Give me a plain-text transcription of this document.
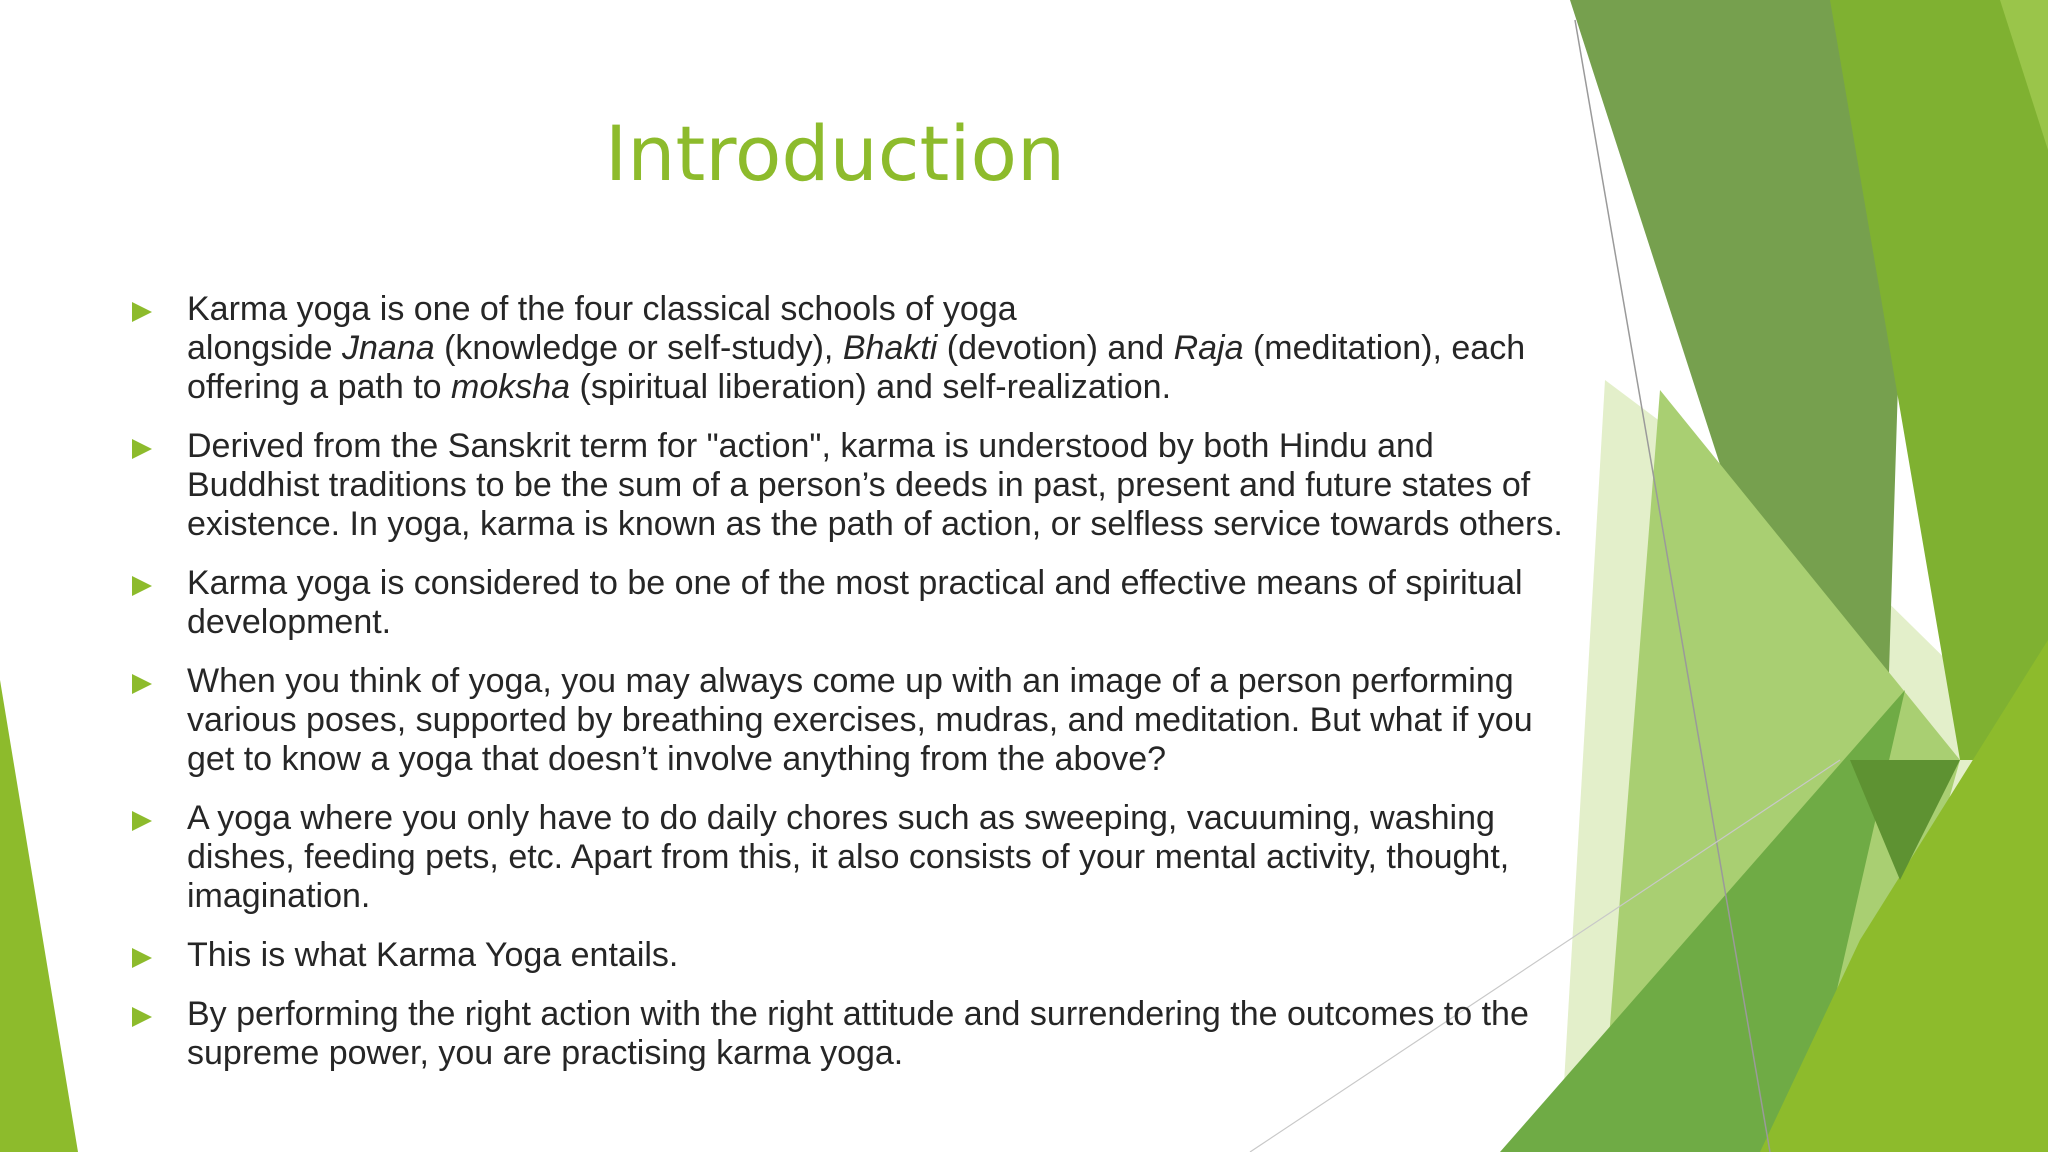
Introduction
Karma yoga is one of the four classical schools of yoga
alongside Jnana (knowledge or self-study), Bhakti (devotion) and Raja (meditation), each offering a path to moksha (spiritual liberation) and self-realization.
Derived from the Sanskrit term for "action", karma is understood by both Hindu and Buddhist traditions to be the sum of a person’s deeds in past, present and future states of existence. In yoga, karma is known as the path of action, or selfless service towards others.
Karma yoga is considered to be one of the most practical and effective means of spiritual development.
When you think of yoga, you may always come up with an image of a person performing various poses, supported by breathing exercises, mudras, and meditation. But what if you get to know a yoga that doesn’t involve anything from the above?
A yoga where you only have to do daily chores such as sweeping, vacuuming, washing dishes, feeding pets, etc. Apart from this, it also consists of your mental activity, thought, imagination.
This is what Karma Yoga entails.
By performing the right action with the right attitude and surrendering the outcomes to the supreme power, you are practising karma yoga.
